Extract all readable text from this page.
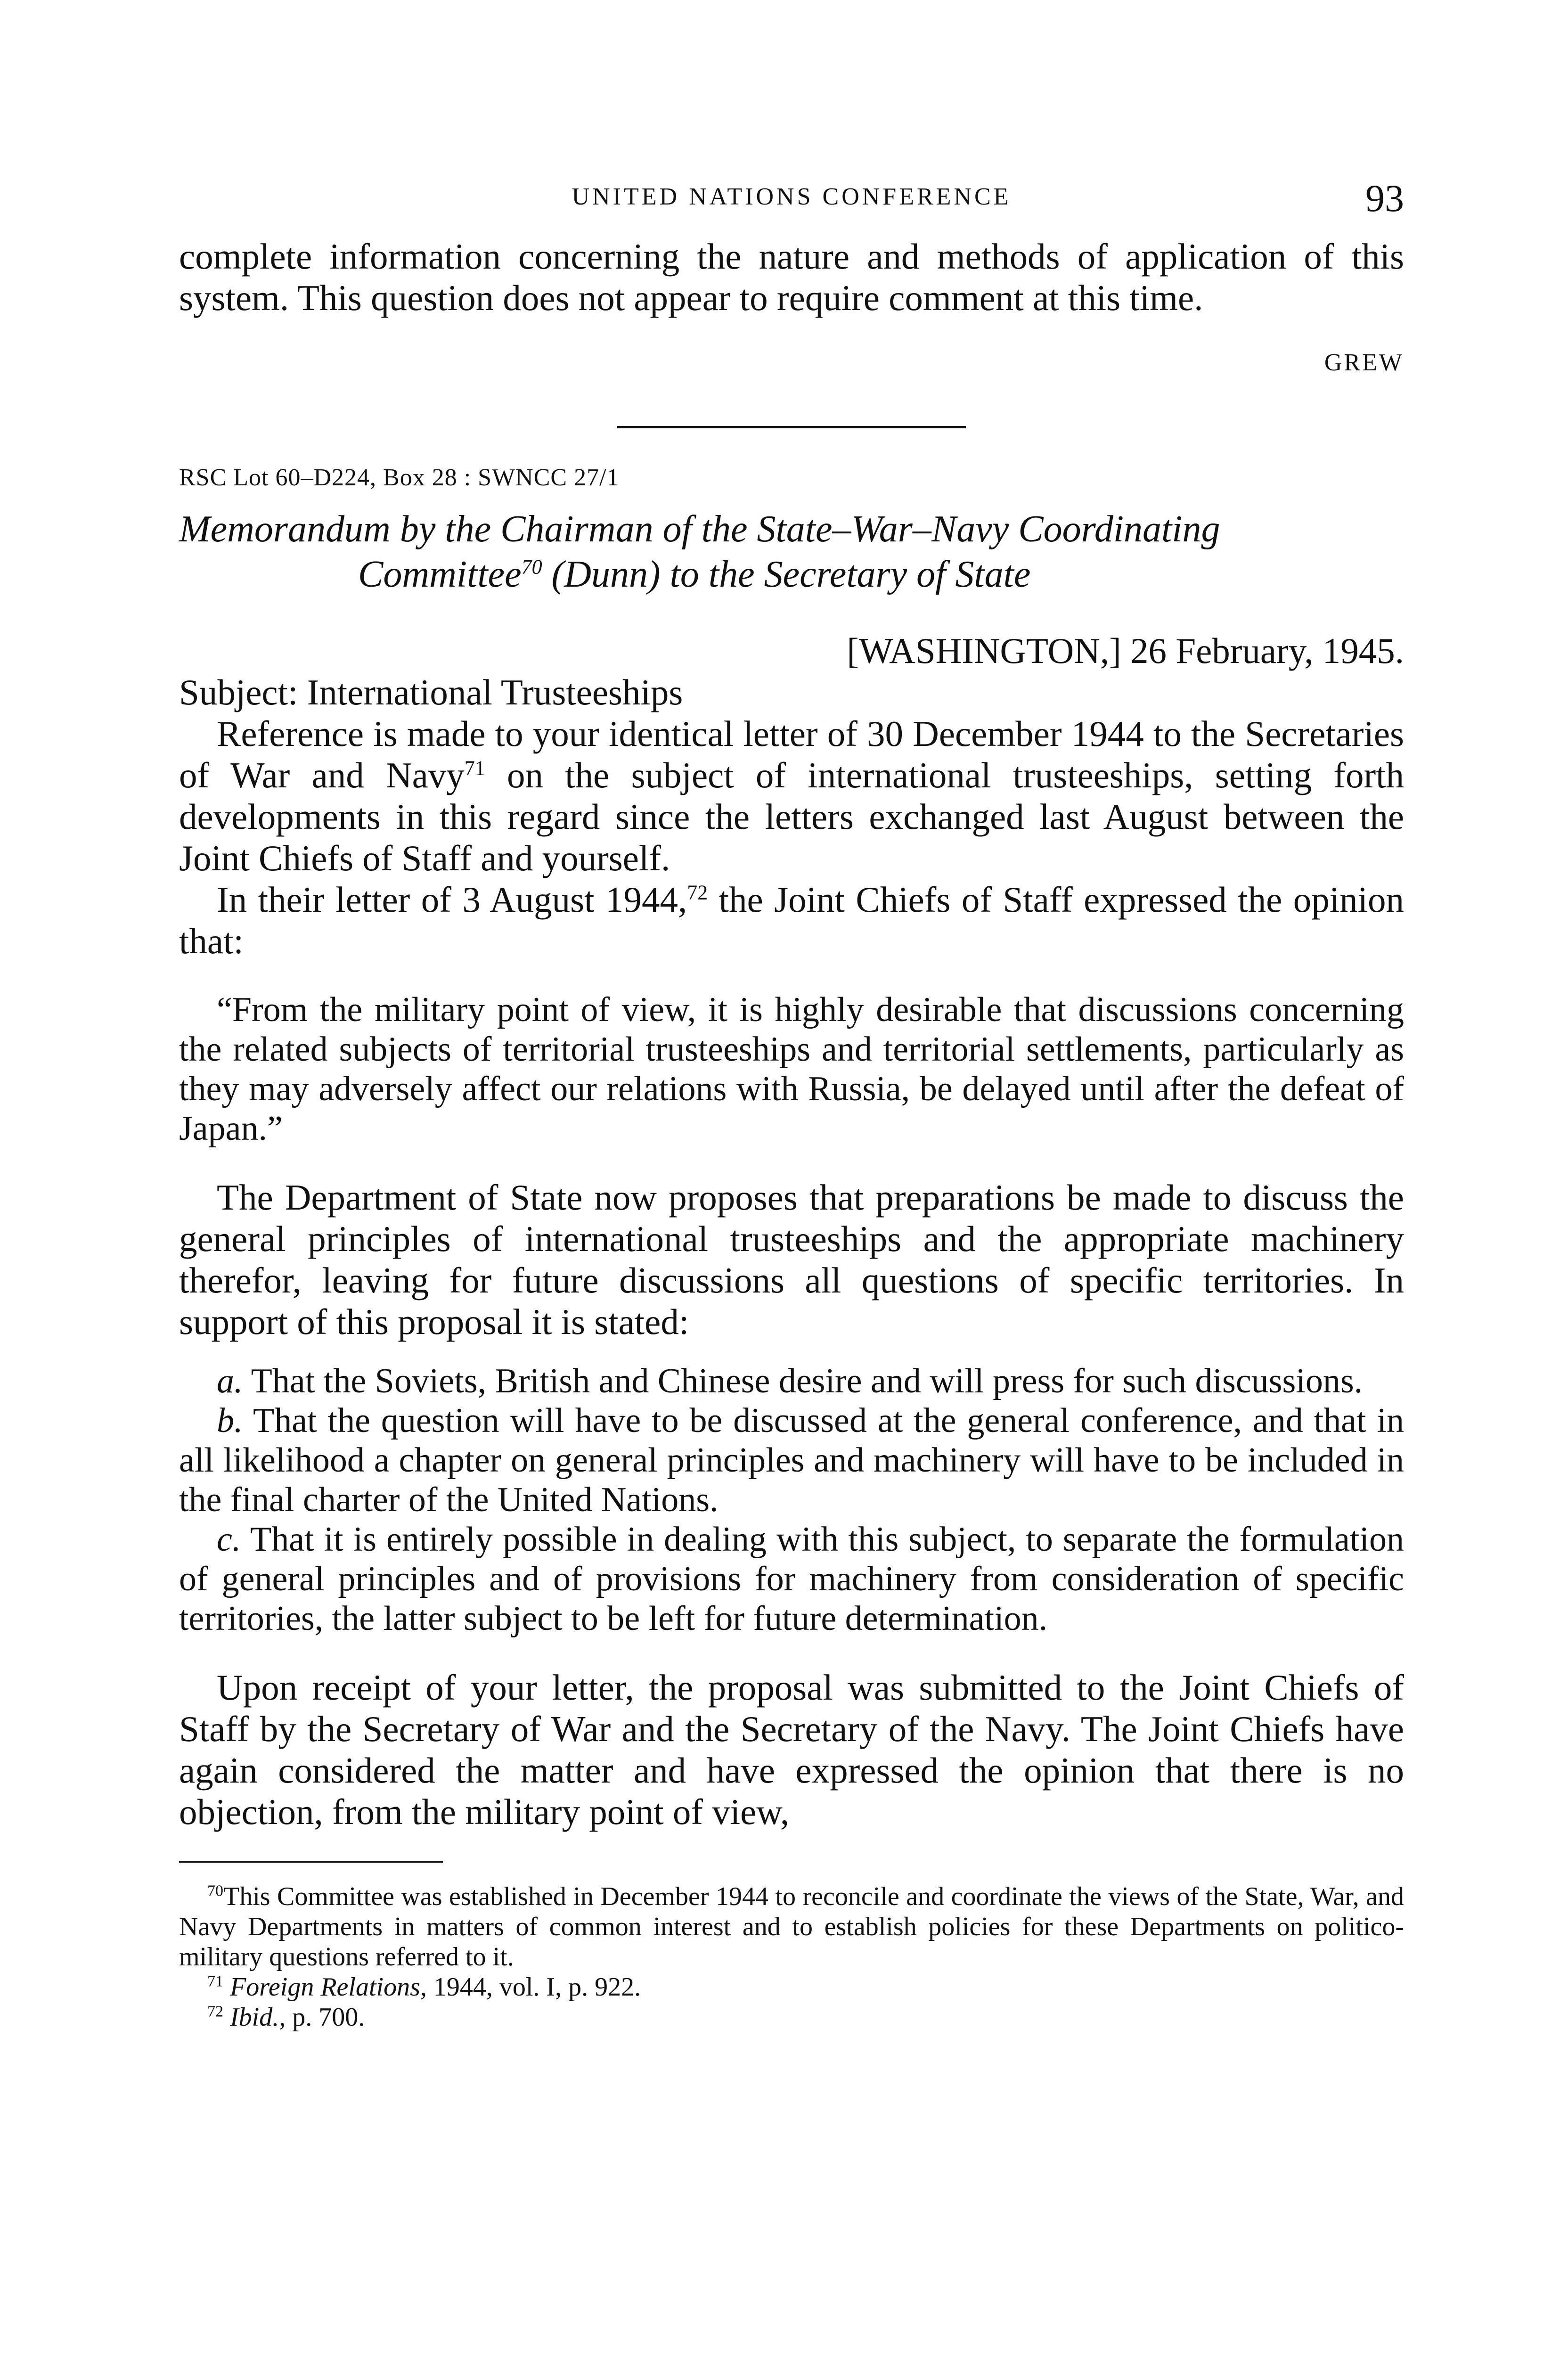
UNITED NATIONS CONFERENCE	93

complete information concerning the nature and methods of application of this system. This question does not appear to require comment at this time.

GREW

RSC Lot 60–D224, Box 28 : SWNCC 27/1

Memorandum by the Chairman of the State–War–Navy Coordinating
Committee$^{70}$ (Dunn) to the Secretary of State

[WASHINGTON,] 26 February, 1945.

Subject: International Trusteeships

Reference is made to your identical letter of 30 December 1944 to the Secretaries of War and Navy$^{71}$ on the subject of international trusteeships, setting forth developments in this regard since the letters exchanged last August between the Joint Chiefs of Staff and yourself.

In their letter of 3 August 1944,72 the Joint Chiefs of Staff expressed the opinion that:

“From the military point of view, it is highly desirable that discussions concerning the related subjects of territorial trusteeships and territorial settlements, particularly as they may adversely affect our relations with Russia, be delayed until after the defeat of Japan.”

The Department of State now proposes that preparations be made to discuss the general principles of international trusteeships and the appropriate machinery therefor, leaving for future discussions all questions of specific territories. In support of this proposal it is stated:

a. That the Soviets, British and Chinese desire and will press for such discussions.

b. That the question will have to be discussed at the general conference, and that in all likelihood a chapter on general principles and machinery will have to be included in the final charter of the United Nations.

c. That it is entirely possible in dealing with this subject, to separate the formulation of general principles and of provisions for machinery from consideration of specific territories, the latter subject to be left for future determination.

Upon receipt of your letter, the proposal was submitted to the Joint Chiefs of Staff by the Secretary of War and the Secretary of the Navy. The Joint Chiefs have again considered the matter and have expressed the opinion that there is no objection, from the military point of view,

$^{70}$This Committee was established in December 1944 to reconcile and coordinate the views of the State, War, and Navy Departments in matters of common interest and to establish policies for these Departments on politico-military questions referred to it.

$^{71}$ Foreign Relations, 1944, vol. I, p. 922.

$^{72}$ Ibid., p. 700.
